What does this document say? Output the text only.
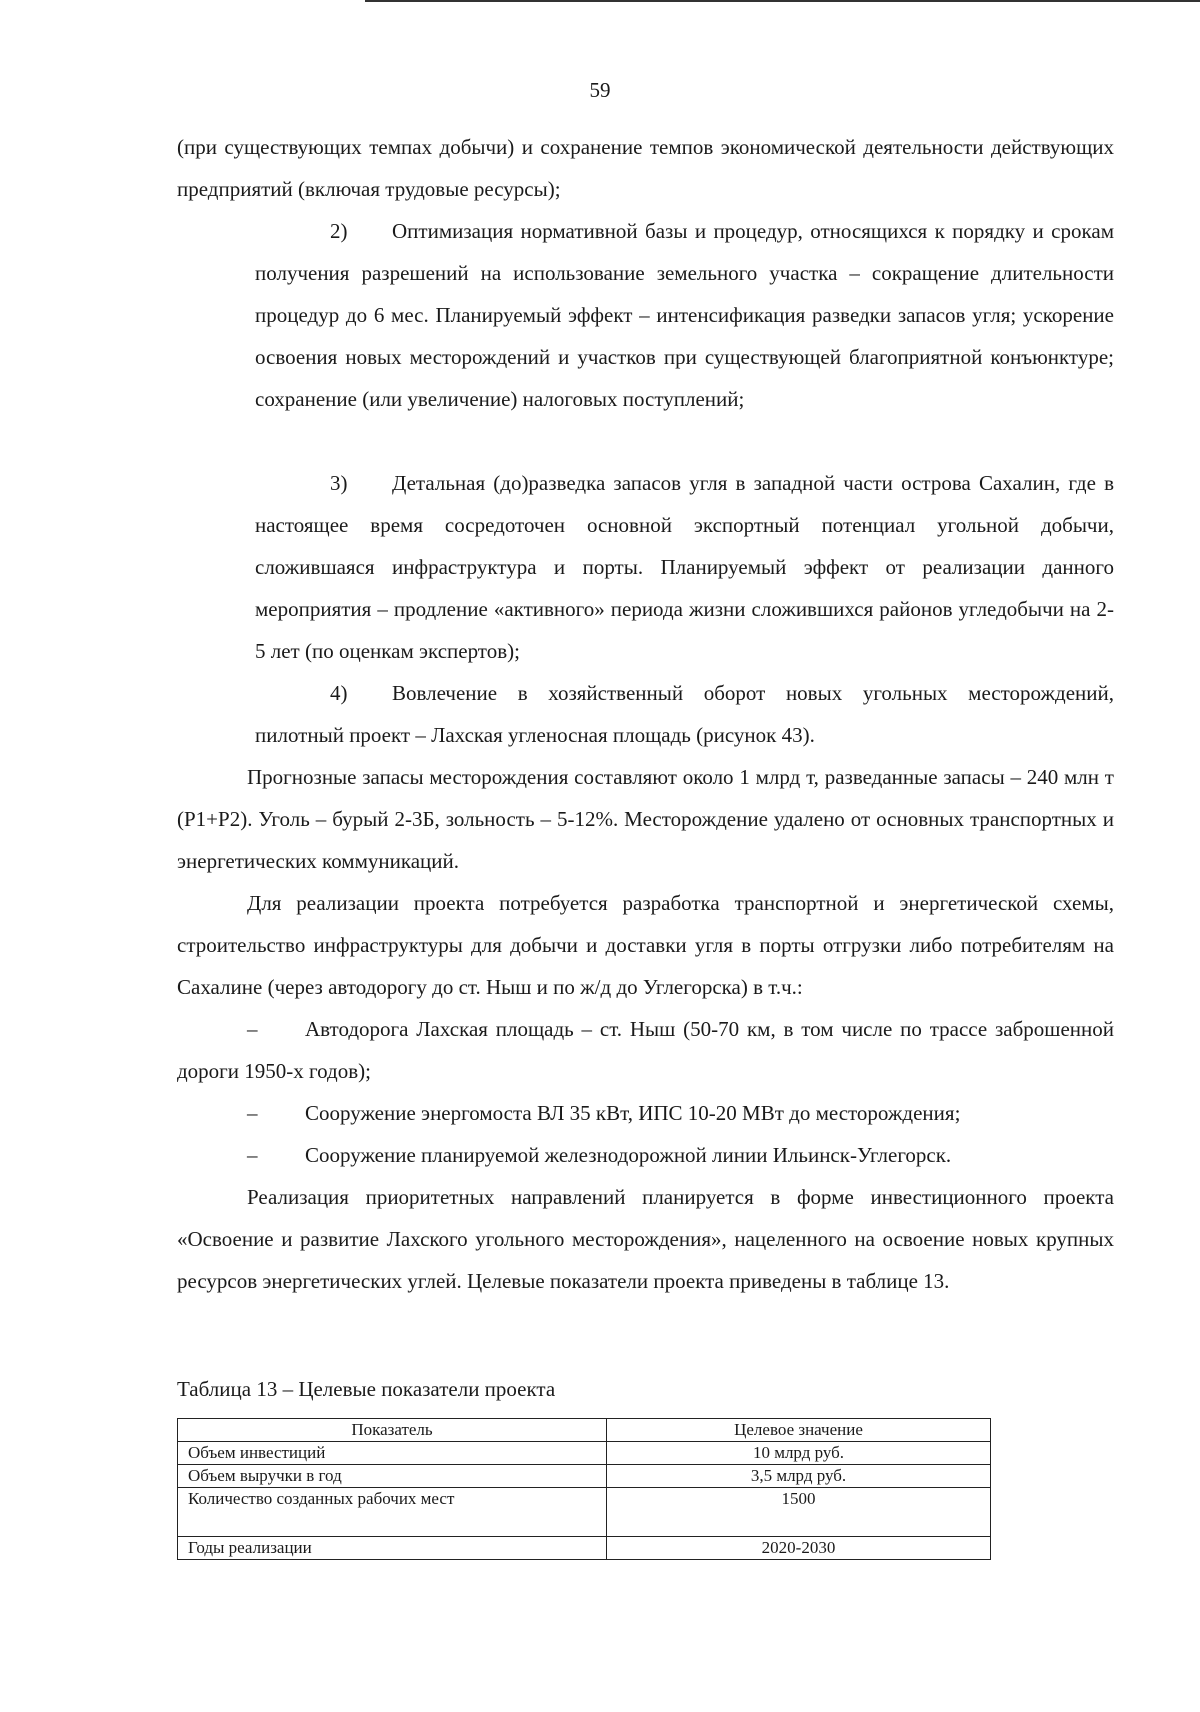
59

(при существующих темпах добычи) и сохранение темпов экономической деятельности действующих предприятий (включая трудовые ресурсы);

2) Оптимизация нормативной базы и процедур, относящихся к порядку и срокам получения разрешений на использование земельного участка – сокращение длительности процедур до 6 мес. Планируемый эффект – интенсификация разведки запасов угля; ускорение освоения новых месторождений и участков при существующей благоприятной конъюнктуре; сохранение (или увеличение) налоговых поступлений;

3) Детальная (до)разведка запасов угля в западной части острова Сахалин, где в настоящее время сосредоточен основной экспортный потенциал угольной добычи, сложившаяся инфраструктура и порты. Планируемый эффект от реализации данного мероприятия – продление «активного» периода жизни сложившихся районов угледобычи на 2-5 лет (по оценкам экспертов);

4) Вовлечение в хозяйственный оборот новых угольных месторождений, пилотный проект – Лахская угленосная площадь (рисунок 43).

Прогнозные запасы месторождения составляют около 1 млрд т, разведанные запасы – 240 млн т (Р1+Р2). Уголь – бурый 2-3Б, зольность – 5-12%. Месторождение удалено от основных транспортных и энергетических коммуникаций.

Для реализации проекта потребуется разработка транспортной и энергетической схемы, строительство инфраструктуры для добычи и доставки угля в порты отгрузки либо потребителям на Сахалине (через автодорогу до ст. Ныш и по ж/д до Углегорска) в т.ч.:

– Автодорога Лахская площадь – ст. Ныш (50-70 км, в том числе по трассе заброшенной дороги 1950-х годов);

– Сооружение энергомоста ВЛ 35 кВт, ИПС 10-20 МВт до месторождения;

– Сооружение планируемой железнодорожной линии Ильинск-Углегорск.

Реализация приоритетных направлений планируется в форме инвестиционного проекта «Освоение и развитие Лахского угольного месторождения», нацеленного на освоение новых крупных ресурсов энергетических углей. Целевые показатели проекта приведены в таблице 13.

Таблица 13 – Целевые показатели проекта

Показатель	Целевое значение
Объем инвестиций	10 млрд руб.
Объем выручки в год	3,5 млрд руб.
Количество созданных рабочих мест	1500
Годы реализации	2020-2030
